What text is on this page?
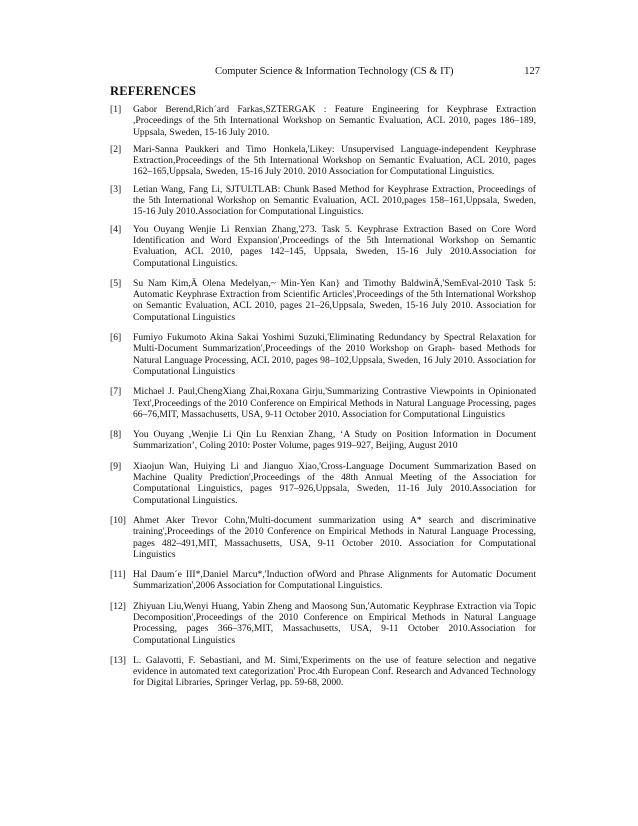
Computer Science & Information Technology (CS & IT)	127
REFERENCES
[1] Gabor Berend,Rich´ard Farkas,SZTERGAK : Feature Engineering for Keyphrase Extraction ,Proceedings of the 5th International Workshop on Semantic Evaluation, ACL 2010, pages 186–189, Uppsala, Sweden, 15-16 July 2010.
[2] Mari-Sanna Paukkeri and Timo Honkela,'Likey: Unsupervised Language-independent Keyphrase Extraction,Proceedings of the 5th International Workshop on Semantic Evaluation, ACL 2010, pages 162–165,Uppsala, Sweden, 15-16 July 2010. 2010 Association for Computational Linguistics.
[3] Letian Wang, Fang Li, SJTULTLAB: Chunk Based Method for Keyphrase Extraction, Proceedings of the 5th International Workshop on Semantic Evaluation, ACL 2010,pages 158–161,Uppsala, Sweden, 15-16 July 2010.Association for Computational Linguistics.
[4] You Ouyang Wenjie Li Renxian Zhang,'273. Task 5. Keyphrase Extraction Based on Core Word Identification and Word Expansion',Proceedings of the 5th International Workshop on Semantic Evaluation, ACL 2010, pages 142–145, Uppsala, Sweden, 15-16 July 2010.Association for Computational Linguistics.
[5] Su Nam Kim,Ä Olena Medelyan,~ Min-Yen Kan} and Timothy BaldwinÄ,'SemEval-2010 Task 5: Automatic Keyphrase Extraction from Scientific Articles',Proceedings of the 5th International Workshop on Semantic Evaluation, ACL 2010, pages 21–26,Uppsala, Sweden, 15-16 July 2010. Association for Computational Linguistics
[6] Fumiyo Fukumoto Akina Sakai Yoshimi Suzuki,'Eliminating Redundancy by Spectral Relaxation for Multi-Document Summarization',Proceedings of the 2010 Workshop on Graph- based Methods for Natural Language Processing, ACL 2010, pages 98–102,Uppsala, Sweden, 16 July 2010. Association for Computational Linguistics
[7] Michael J. Paul,ChengXiang Zhai,Roxana Girju,'Summarizing Contrastive Viewpoints in Opinionated Text',Proceedings of the 2010 Conference on Empirical Methods in Natural Language Processing, pages 66–76,MIT, Massachusetts, USA, 9-11 October 2010. Association for Computational Linguistics
[8] You Ouyang ,Wenjie Li Qin Lu Renxian Zhang, ‘A Study on Position Information in Document Summarization’, Coling 2010: Poster Volume, pages 919–927, Beijing, August 2010
[9] Xiaojun Wan, Huiying Li and Jianguo Xiao,'Cross-Language Document Summarization Based on Machine Quality Prediction',Proceedings of the 48th Annual Meeting of the Association for Computational Linguistics, pages 917–926,Uppsala, Sweden, 11-16 July 2010.Association for Computational Linguistics.
[10] Ahmet Aker Trevor Cohn,'Multi-document summarization using A* search and discriminative training',Proceedings of the 2010 Conference on Empirical Methods in Natural Language Processing, pages 482–491,MIT, Massachusetts, USA, 9-11 October 2010. Association for Computational Linguistics
[11] Hal Daum´e III*,Daniel Marcu*,'Induction ofWord and Phrase Alignments for Automatic Document Summarization',2006 Association for Computational Linguistics.
[12] Zhiyuan Liu,Wenyi Huang, Yabin Zheng and Maosong Sun,'Automatic Keyphrase Extraction via Topic Decomposition',Proceedings of the 2010 Conference on Empirical Methods in Natural Language Processing, pages 366–376,MIT, Massachusetts, USA, 9-11 October 2010.Association for Computational Linguistics
[13] L. Galavotti, F. Sebastiani, and M. Simi,'Experiments on the use of feature selection and negative evidence in automated text categorization' Proc.4th European Conf. Research and Advanced Technology for Digital Libraries, Springer Verlag, pp. 59-68, 2000.
